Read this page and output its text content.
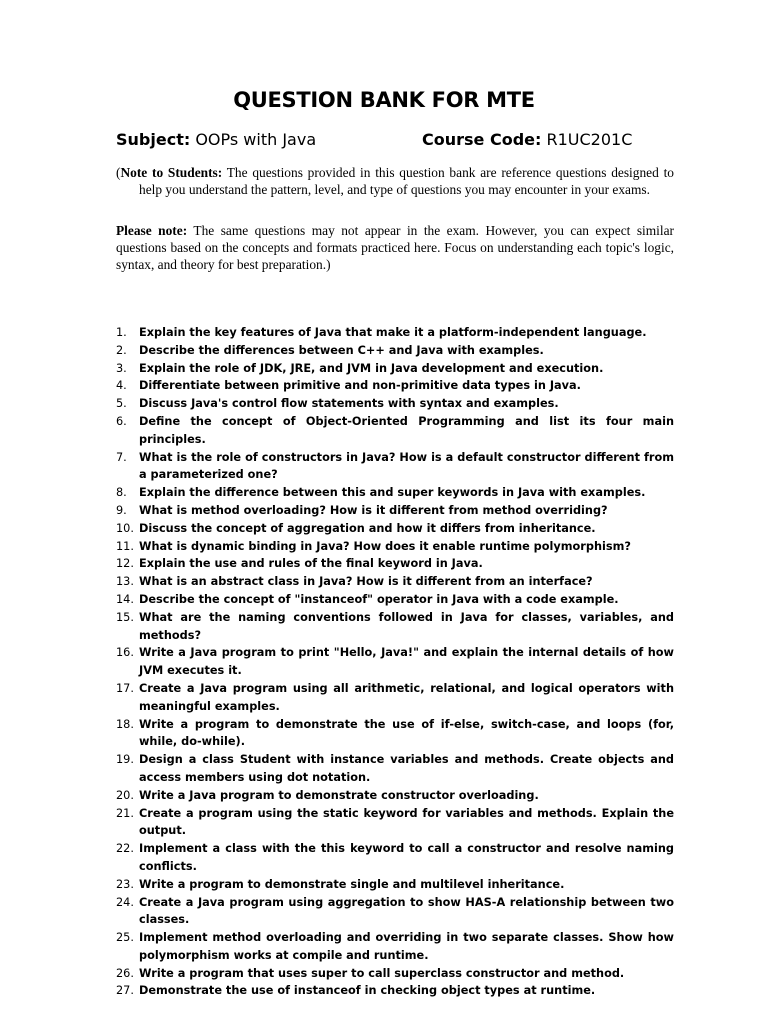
QUESTION BANK FOR MTE
Subject: OOPs with Java	Course Code: R1UC201C
(Note to Students: The questions provided in this question bank are reference questions designed to help you understand the pattern, level, and type of questions you may encounter in your exams.
Please note: The same questions may not appear in the exam. However, you can expect similar questions based on the concepts and formats practiced here. Focus on understanding each topic's logic, syntax, and theory for best preparation.)
1.	Explain the key features of Java that make it a platform-independent language.
2.	Describe the differences between C++ and Java with examples.
3.	Explain the role of JDK, JRE, and JVM in Java development and execution.
4.	Differentiate between primitive and non-primitive data types in Java.
5.	Discuss Java's control flow statements with syntax and examples.
6.	Define the concept of Object-Oriented Programming and list its four main principles.
7.	What is the role of constructors in Java? How is a default constructor different from a parameterized one?
8.	Explain the difference between this and super keywords in Java with examples.
9.	What is method overloading? How is it different from method overriding?
10. Discuss the concept of aggregation and how it differs from inheritance.
11. What is dynamic binding in Java? How does it enable runtime polymorphism?
12. Explain the use and rules of the final keyword in Java.
13. What is an abstract class in Java? How is it different from an interface?
14. Describe the concept of "instanceof" operator in Java with a code example.
15. What are the naming conventions followed in Java for classes, variables, and methods?
16. Write a Java program to print "Hello, Java!" and explain the internal details of how JVM executes it.
17. Create a Java program using all arithmetic, relational, and logical operators with meaningful examples.
18. Write a program to demonstrate the use of if-else, switch-case, and loops (for, while, do-while).
19. Design a class Student with instance variables and methods. Create objects and access members using dot notation.
20. Write a Java program to demonstrate constructor overloading.
21. Create a program using the static keyword for variables and methods. Explain the output.
22. Implement a class with the this keyword to call a constructor and resolve naming conflicts.
23. Write a program to demonstrate single and multilevel inheritance.
24. Create a Java program using aggregation to show HAS-A relationship between two classes.
25. Implement method overloading and overriding in two separate classes. Show how polymorphism works at compile and runtime.
26. Write a program that uses super to call superclass constructor and method.
27. Demonstrate the use of instanceof in checking object types at runtime.
